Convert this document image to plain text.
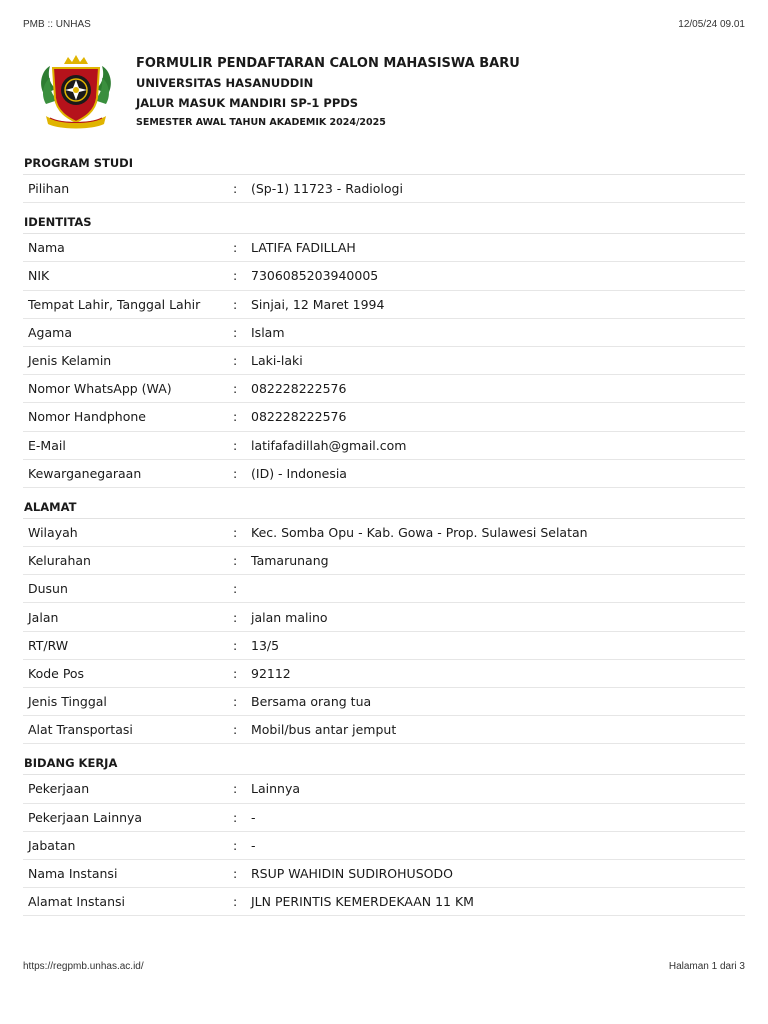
PMB :: UNHAS	12/05/24 09.01
FORMULIR PENDAFTARAN CALON MAHASISWA BARU
UNIVERSITAS HASANUDDIN
JALUR MASUK MANDIRI SP-1 PPDS
SEMESTER AWAL TAHUN AKADEMIK 2024/2025
PROGRAM STUDI
Pilihan	:	(Sp-1) 11723 - Radiologi
IDENTITAS
Nama	:	LATIFA FADILLAH
NIK	:	7306085203940005
Tempat Lahir, Tanggal Lahir	:	Sinjai, 12 Maret 1994
Agama	:	Islam
Jenis Kelamin	:	Laki-laki
Nomor WhatsApp (WA)	:	082228222576
Nomor Handphone	:	082228222576
E-Mail	:	latifafadillah@gmail.com
Kewarganegaraan	:	(ID) - Indonesia
ALAMAT
Wilayah	:	Kec. Somba Opu - Kab. Gowa - Prop. Sulawesi Selatan
Kelurahan	:	Tamarunang
Dusun	:
Jalan	:	jalan malino
RT/RW	:	13/5
Kode Pos	:	92112
Jenis Tinggal	:	Bersama orang tua
Alat Transportasi	:	Mobil/bus antar jemput
BIDANG KERJA
Pekerjaan	:	Lainnya
Pekerjaan Lainnya	:	-
Jabatan	:	-
Nama Instansi	:	RSUP WAHIDIN SUDIROHUSODO
Alamat Instansi	:	JLN PERINTIS KEMERDEKAAN 11 KM
https://regpmb.unhas.ac.id/	Halaman 1 dari 3
